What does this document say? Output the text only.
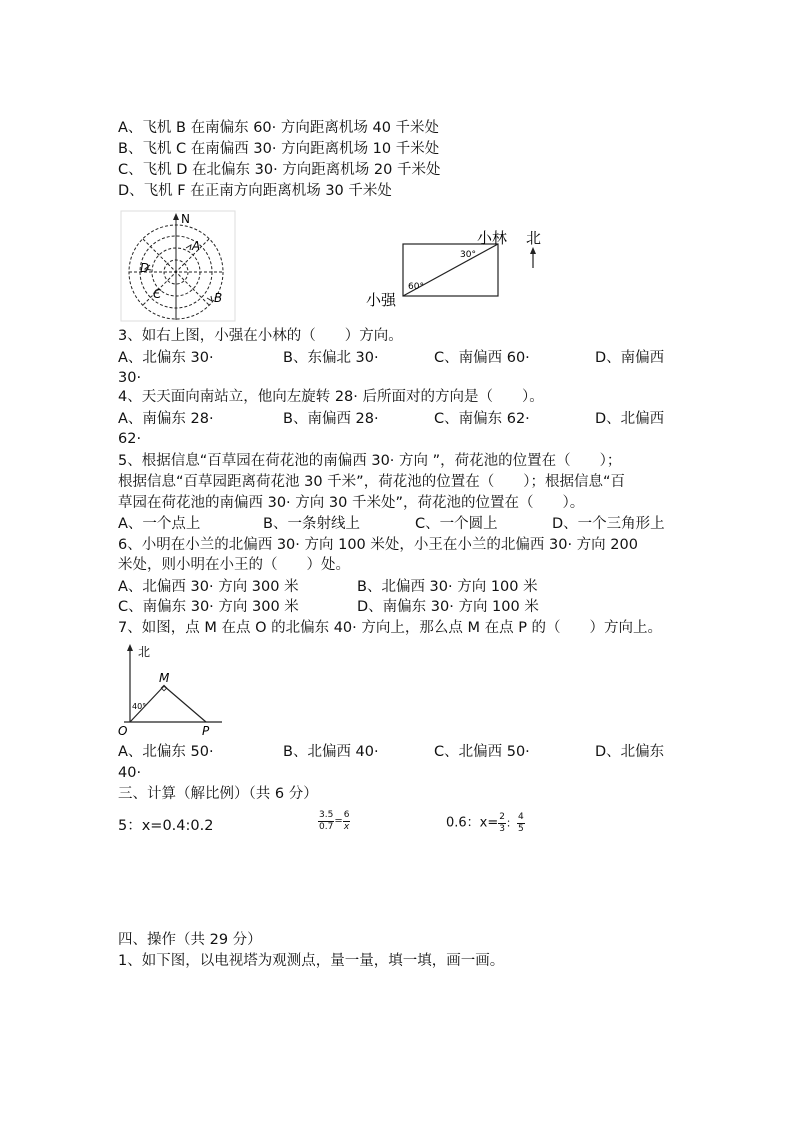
A、飞机 B 在南偏东 60· 方向距离机场 40 千米处
B、飞机 C 在南偏西 30· 方向距离机场 10 千米处
C、飞机 D 在北偏东 30· 方向距离机场 20 千米处
D、飞机 F 在正南方向距离机场 30 千米处
N
A
B
C
D
小林 北
小强
30°
60°
3、如右上图，小强在小林的（　　）方向。
A、北偏东 30·	B、东偏北 30·	C、南偏西 60·	D、南偏西
30·
4、天天面向南站立，他向左旋转 28· 后所面对的方向是（　　）。
A、南偏东 28·	B、南偏西 28·	C、南偏东 62·	D、北偏西
62·
5、根据信息“百草园在荷花池的南偏西 30· 方向 ”，荷花池的位置在（　　）；
根据信息“百草园距离荷花池 30 千米”，荷花池的位置在（　　）；根据信息“百
草园在荷花池的南偏西 30· 方向 30 千米处”，荷花池的位置在（　　）。
A、一个点上	B、一条射线上	C、一个圆上	D、一个三角形上
6、小明在小兰的北偏西 30· 方向 100 米处，小王在小兰的北偏西 30· 方向 200
米处，则小明在小王的（　　）处。
A、北偏西 30· 方向 300 米	B、北偏西 30· 方向 100 米
C、南偏东 30· 方向 300 米	D、南偏东 30· 方向 100 米
7、如图，点 M 在点 O 的北偏东 40· 方向上，那么点 M 在点 P 的（　　）方向上。
北
M
O	P
40°
A、北偏东 50·	B、北偏西 40·	C、北偏西 50·	D、北偏东
40·
三、计算（解比例）（共 6 分）
5：x=0.4:0.2	$\frac{3.5}{0.7} = \frac{6}{x}$	0.6：$x= \frac{2}{3}$ ： $\frac{4}{5}$
四、操作（共 29 分）
1、如下图，以电视塔为观测点，量一量，填一填，画一画。
